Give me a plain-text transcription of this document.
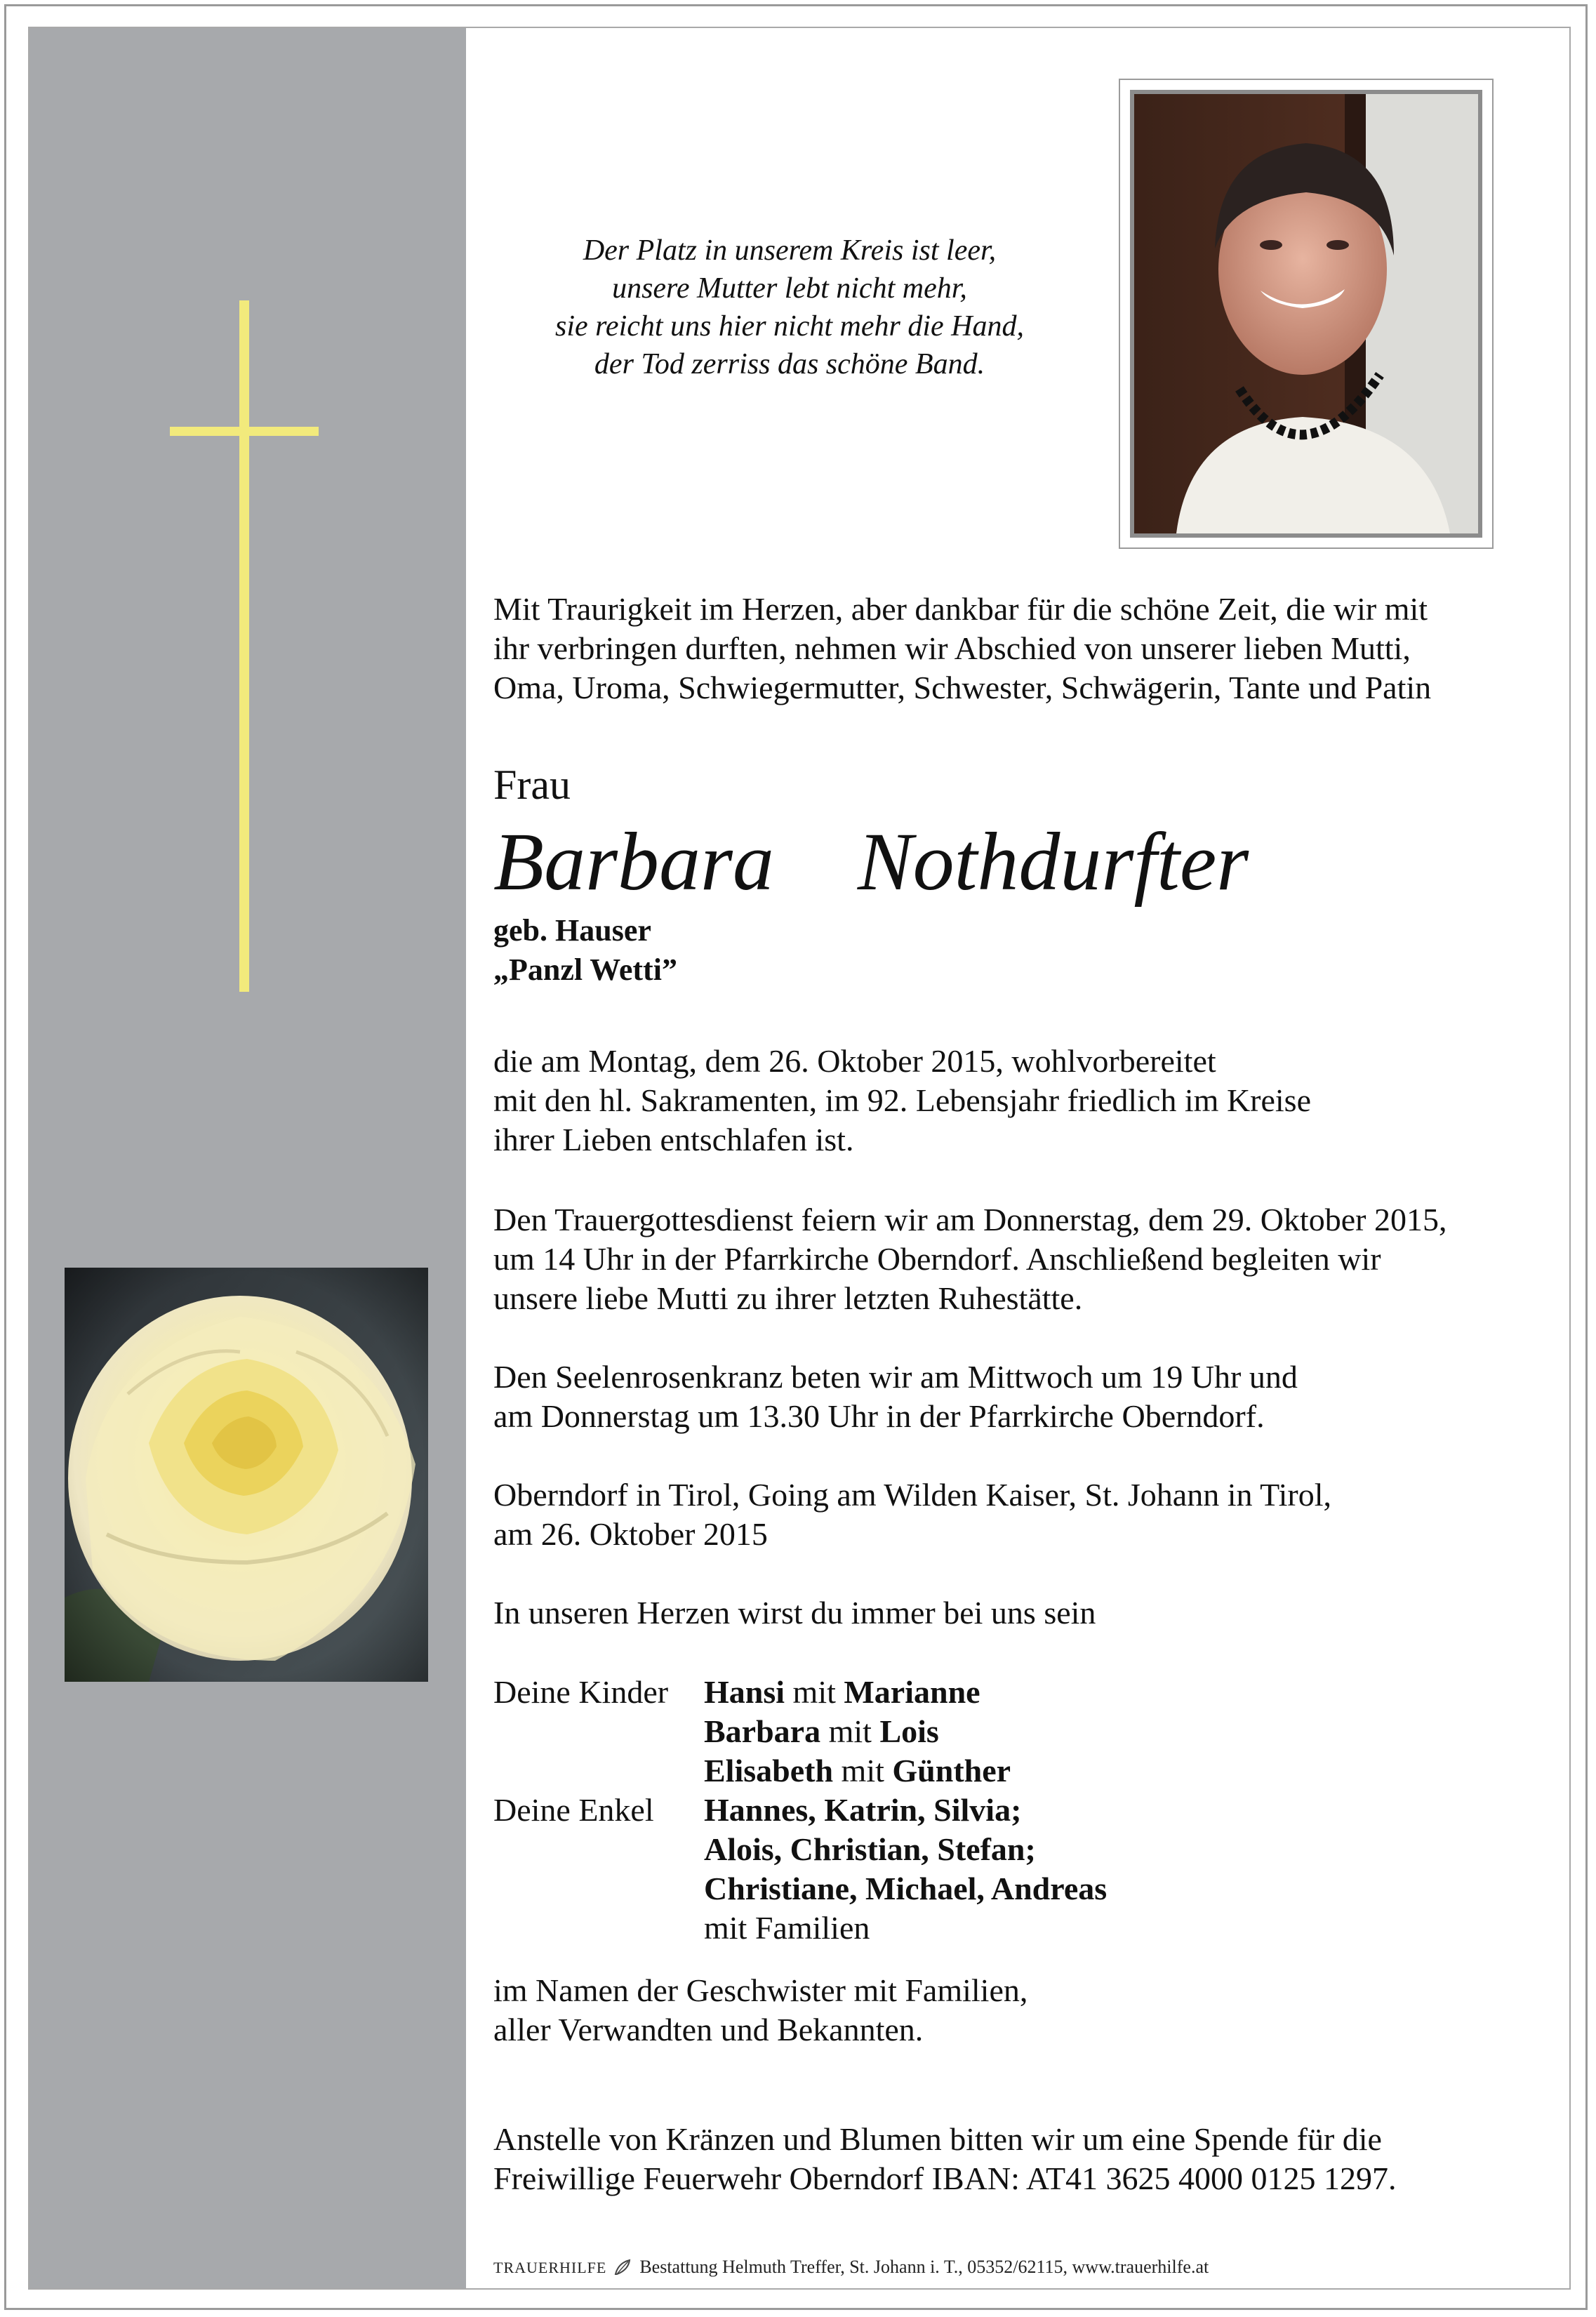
Der Platz in unserem Kreis ist leer,
unsere Mutter lebt nicht mehr,
sie reicht uns hier nicht mehr die Hand,
der Tod zerriss das schöne Band.
Mit Traurigkeit im Herzen, aber dankbar für die schöne Zeit, die wir mit
ihr verbringen durften, nehmen wir Abschied von unserer lieben Mutti,
Oma, Uroma, Schwiegermutter, Schwester, Schwägerin, Tante und Patin
Frau
Barbara  Nothdurfter
geb. Hauser
„Panzl Wetti”
die am Montag, dem 26. Oktober 2015, wohlvorbereitet
mit den hl. Sakramenten, im 92. Lebensjahr friedlich im Kreise
ihrer Lieben entschlafen ist.
Den Trauergottesdienst feiern wir am Donnerstag, dem 29. Oktober 2015,
um 14 Uhr in der Pfarrkirche Oberndorf. Anschließend begleiten wir
unsere liebe Mutti zu ihrer letzten Ruhestätte.
Den Seelenrosenkranz beten wir am Mittwoch um 19 Uhr und
am Donnerstag um 13.30 Uhr in der Pfarrkirche Oberndorf.
Oberndorf in Tirol, Going am Wilden Kaiser, St. Johann in Tirol,
am 26. Oktober 2015
In unseren Herzen wirst du immer bei uns sein
Deine Kinder Hansi mit Marianne
Barbara mit Lois
Elisabeth mit Günther
Deine Enkel Hannes, Katrin, Silvia;
Alois, Christian, Stefan;
Christiane, Michael, Andreas
mit Familien
im Namen der Geschwister mit Familien,
aller Verwandten und Bekannten.
Anstelle von Kränzen und Blumen bitten wir um eine Spende für die
Freiwillige Feuerwehr Oberndorf IBAN: AT41 3625 4000 0125 1297.
TRAUERHILFE Bestattung Helmuth Treffer, St. Johann i. T., 05352/62115, www.trauerhilfe.at
